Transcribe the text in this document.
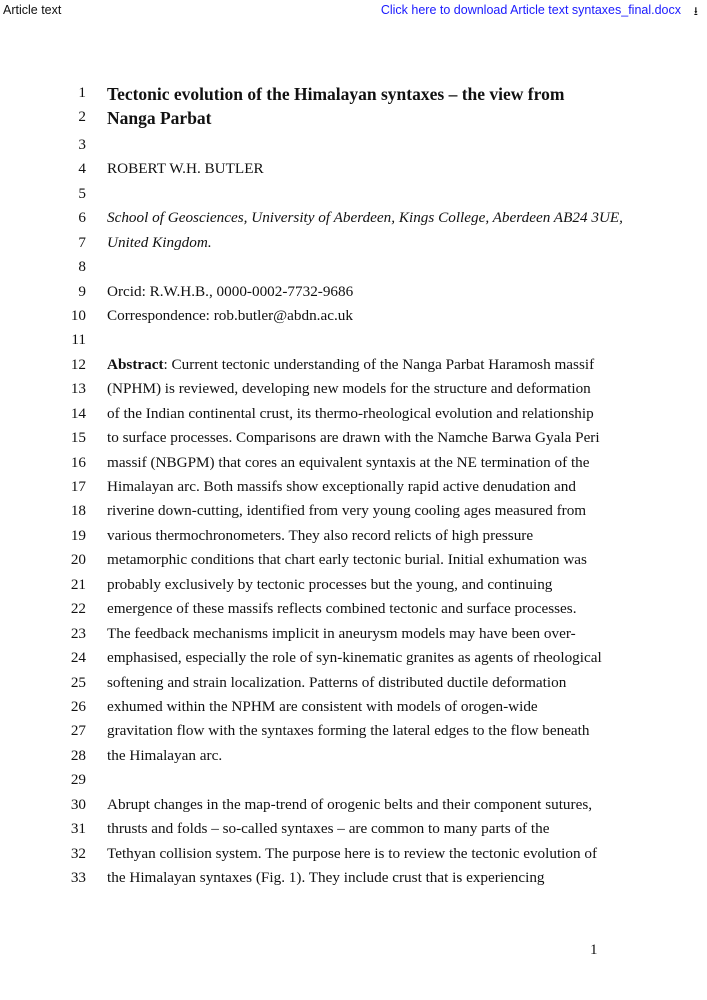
Article text	Click here to download Article text syntaxes_final.docx ⭳
1 Tectonic evolution of the Himalayan syntaxes – the view from
2 Nanga Parbat
3
4 ROBERT W.H. BUTLER
5
6 School of Geosciences, University of Aberdeen, Kings College, Aberdeen AB24 3UE,
7 United Kingdom.
8
9 Orcid: R.W.H.B., 0000-0002-7732-9686
10 Correspondence: rob.butler@abdn.ac.uk
11
12 Abstract: Current tectonic understanding of the Nanga Parbat Haramosh massif
13 (NPHM) is reviewed, developing new models for the structure and deformation
14 of the Indian continental crust, its thermo-rheological evolution and relationship
15 to surface processes. Comparisons are drawn with the Namche Barwa Gyala Peri
16 massif (NBGPM) that cores an equivalent syntaxis at the NE termination of the
17 Himalayan arc. Both massifs show exceptionally rapid active denudation and
18 riverine down-cutting, identified from very young cooling ages measured from
19 various thermochronometers. They also record relicts of high pressure
20 metamorphic conditions that chart early tectonic burial. Initial exhumation was
21 probably exclusively by tectonic processes but the young, and continuing
22 emergence of these massifs reflects combined tectonic and surface processes.
23 The feedback mechanisms implicit in aneurysm models may have been over-
24 emphasised, especially the role of syn-kinematic granites as agents of rheological
25 softening and strain localization. Patterns of distributed ductile deformation
26 exhumed within the NPHM are consistent with models of orogen-wide
27 gravitation flow with the syntaxes forming the lateral edges to the flow beneath
28 the Himalayan arc.
29
30 Abrupt changes in the map-trend of orogenic belts and their component sutures,
31 thrusts and folds – so-called syntaxes – are common to many parts of the
32 Tethyan collision system. The purpose here is to review the tectonic evolution of
33 the Himalayan syntaxes (Fig. 1). They include crust that is experiencing
1
